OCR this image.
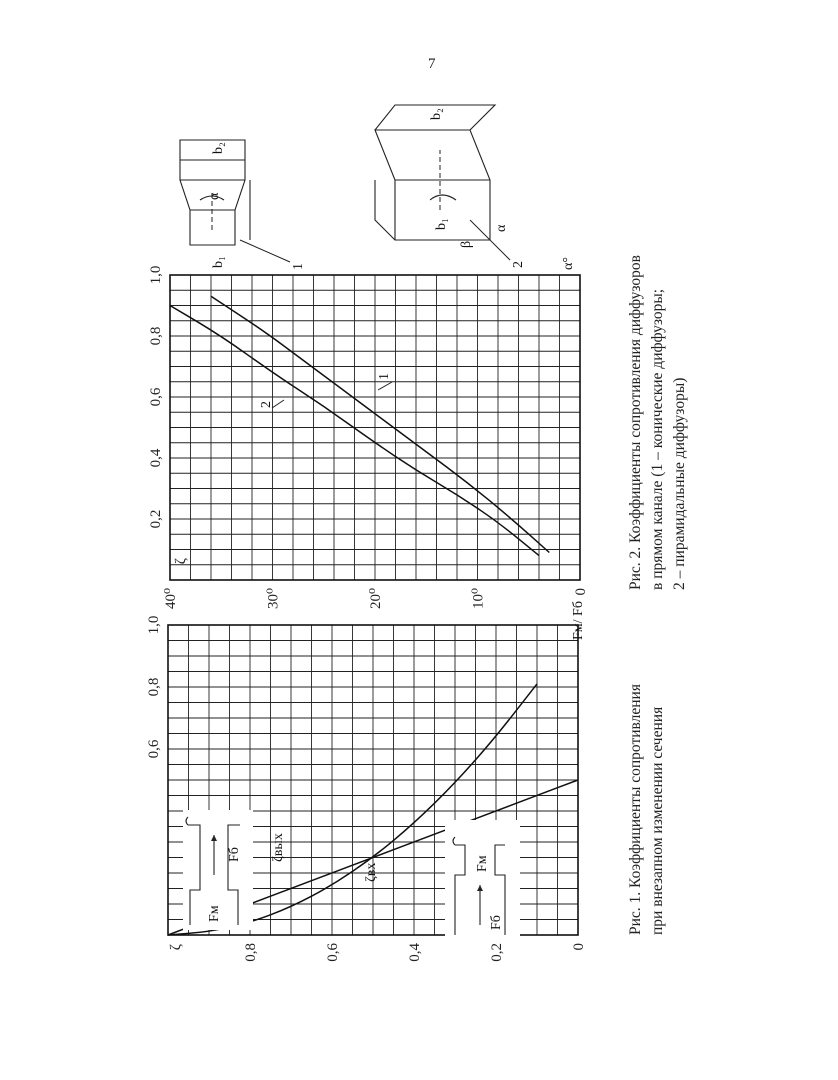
7
0,6
0,8
1,0
0
0,2
0,4
0,6
0,8
ζ
Fм/ Fб
ζвых
ζвх
Fм
Fб
Fб
Fм	Рис. 1. Коэффициенты сопротивления при внезапном изменении сечения
0,2
0,4
0,6
0,8
1,0
0
10⁰
20⁰
30⁰
40⁰
ζ
α°
2
1	Рис. 2. Коэффициенты сопротивления диффузоров в прямом канале (1 – конические диффузоры; 2 – пирамидальные диффузоры)
1
b₂
α
b₁	2
b₂
α
β
b₁
